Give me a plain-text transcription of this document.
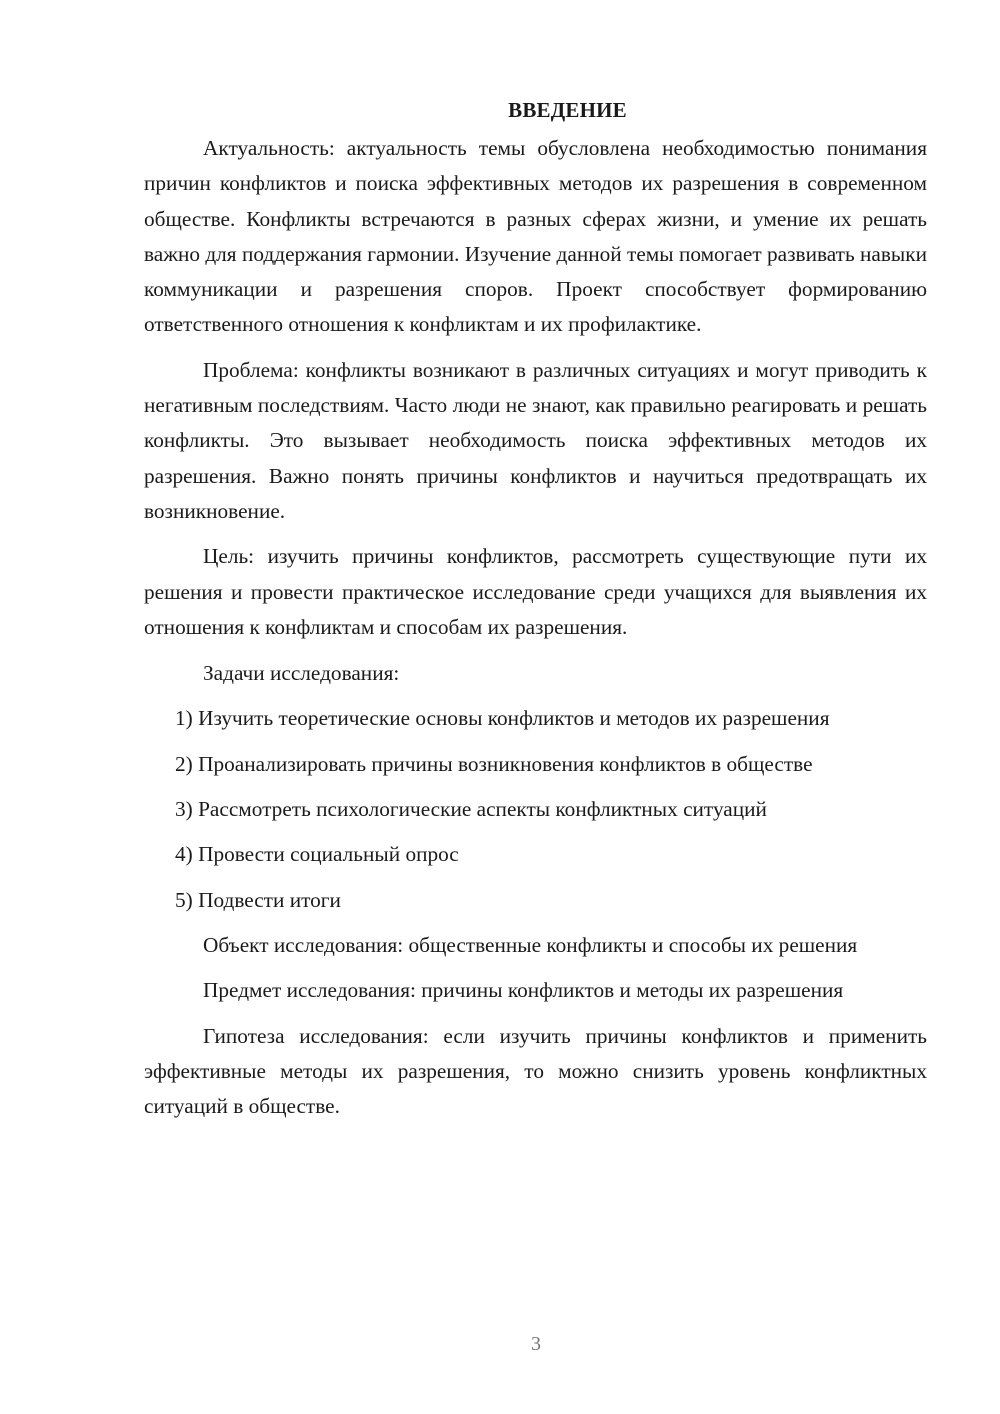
ВВЕДЕНИЕ

Актуальность: актуальность темы обусловлена необходимостью понимания причин конфликтов и поиска эффективных методов их разрешения в современном обществе. Конфликты встречаются в разных сферах жизни, и умение их решать важно для поддержания гармонии. Изучение данной темы помогает развивать навыки коммуникации и разрешения споров. Проект способствует формированию ответственного отношения к конфликтам и их профилактике.

Проблема: конфликты возникают в различных ситуациях и могут приводить к негативным последствиям. Часто люди не знают, как правильно реагировать и решать конфликты. Это вызывает необходимость поиска эффективных методов их разрешения. Важно понять причины конфликтов и научиться предотвращать их возникновение.

Цель: изучить причины конфликтов, рассмотреть существующие пути их решения и провести практическое исследование среди учащихся для выявления их отношения к конфликтам и способам их разрешения.

Задачи исследования:

1) Изучить теоретические основы конфликтов и методов их разрешения

2) Проанализировать причины возникновения конфликтов в обществе

3) Рассмотреть психологические аспекты конфликтных ситуаций

4) Провести социальный опрос

5) Подвести итоги

Объект исследования: общественные конфликты и способы их решения

Предмет исследования: причины конфликтов и методы их разрешения

Гипотеза исследования: если изучить причины конфликтов и применить эффективные методы их разрешения, то можно снизить уровень конфликтных ситуаций в обществе.

3
